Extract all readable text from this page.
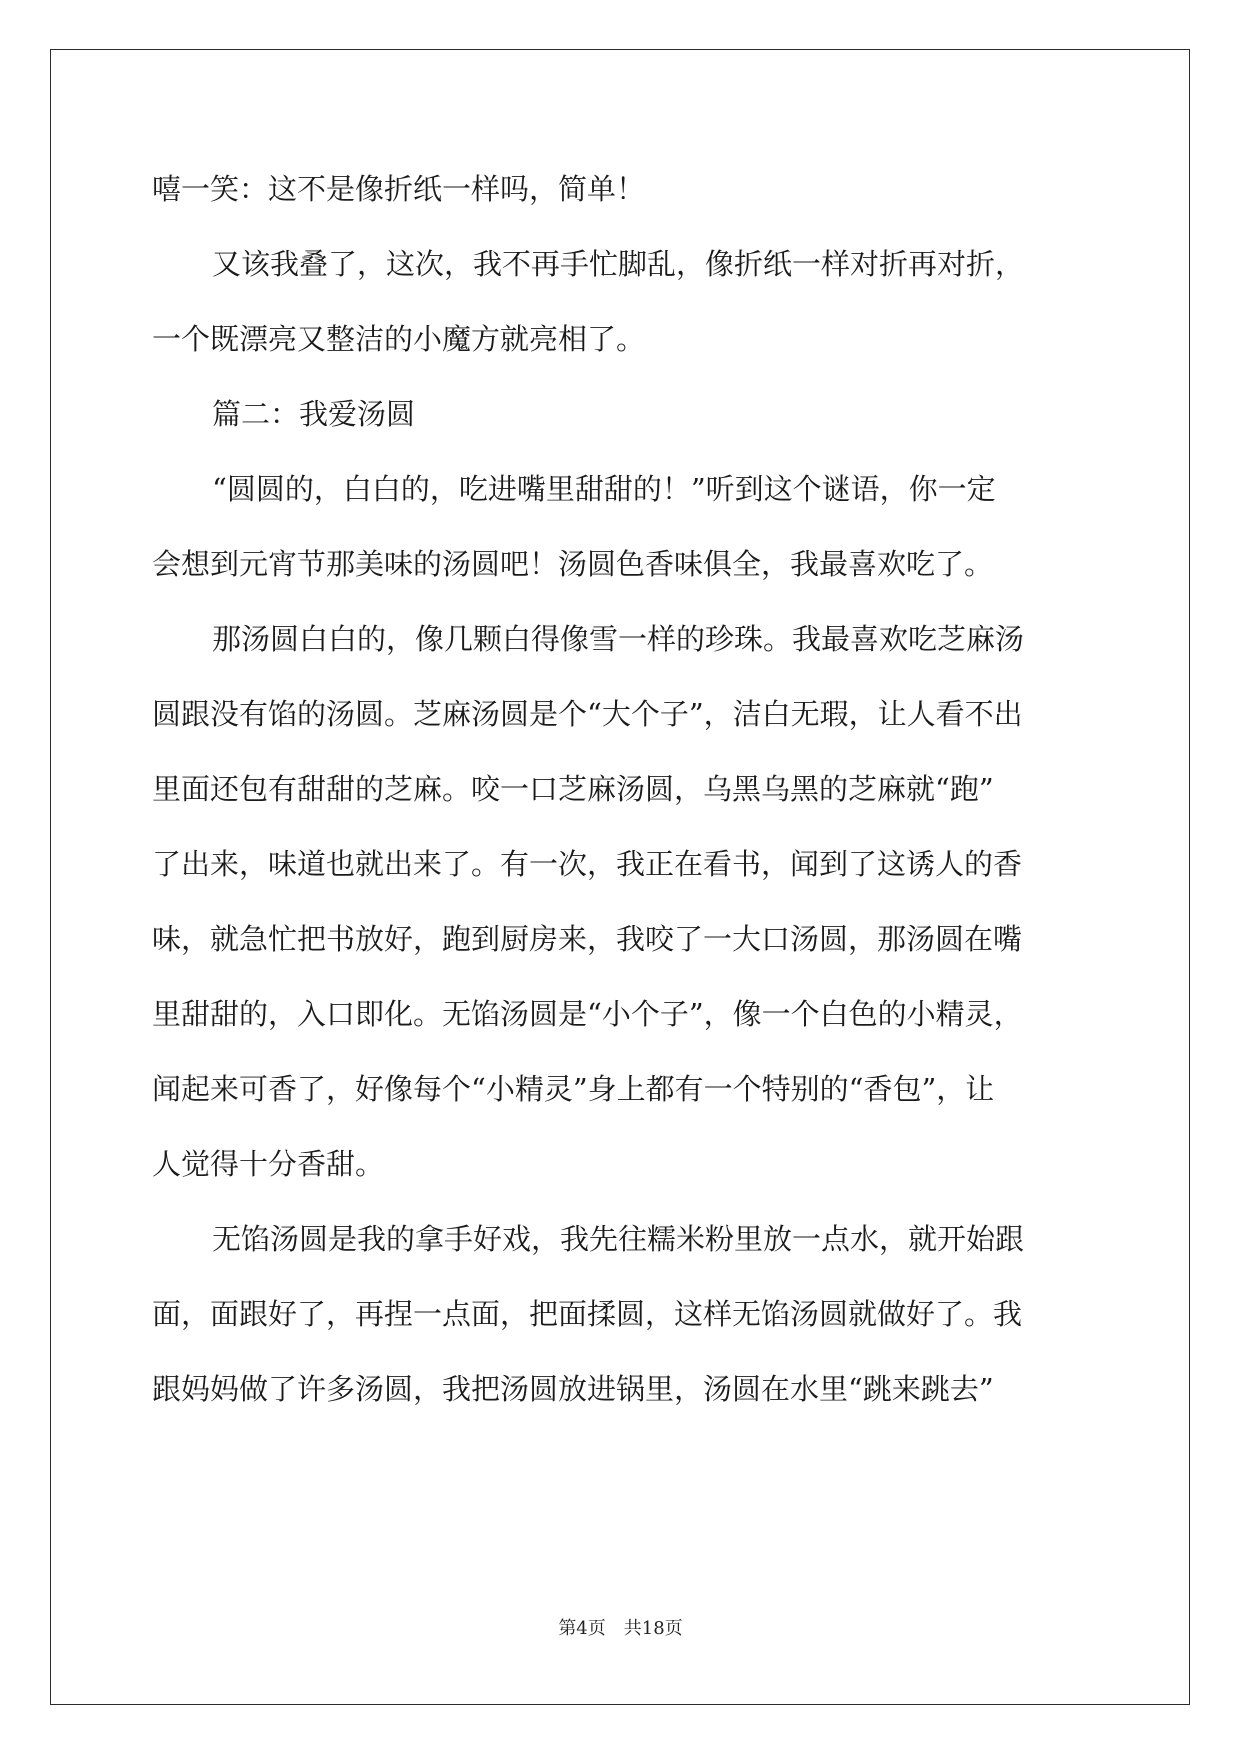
嘻一笑：这不是像折纸一样吗，简单！
又该我叠了，这次，我不再手忙脚乱，像折纸一样对折再对折，
一个既漂亮又整洁的小魔方就亮相了。
篇二：我爱汤圆
“圆圆的，白白的，吃进嘴里甜甜的！”听到这个谜语，你一定
会想到元宵节那美味的汤圆吧！汤圆色香味俱全，我最喜欢吃了。
那汤圆白白的，像几颗白得像雪一样的珍珠。我最喜欢吃芝麻汤
圆跟没有馅的汤圆。芝麻汤圆是个“大个子”，洁白无瑕，让人看不出
里面还包有甜甜的芝麻。咬一口芝麻汤圆，乌黑乌黑的芝麻就“跑”
了出来，味道也就出来了。有一次，我正在看书，闻到了这诱人的香
味，就急忙把书放好，跑到厨房来，我咬了一大口汤圆，那汤圆在嘴
里甜甜的，入口即化。无馅汤圆是“小个子”，像一个白色的小精灵，
闻起来可香了，好像每个“小精灵”身上都有一个特别的“香包”，让
人觉得十分香甜。
无馅汤圆是我的拿手好戏，我先往糯米粉里放一点水，就开始跟
面，面跟好了，再捏一点面，把面揉圆，这样无馅汤圆就做好了。我
跟妈妈做了许多汤圆，我把汤圆放进锅里，汤圆在水里“跳来跳去”
第4页 共18页
